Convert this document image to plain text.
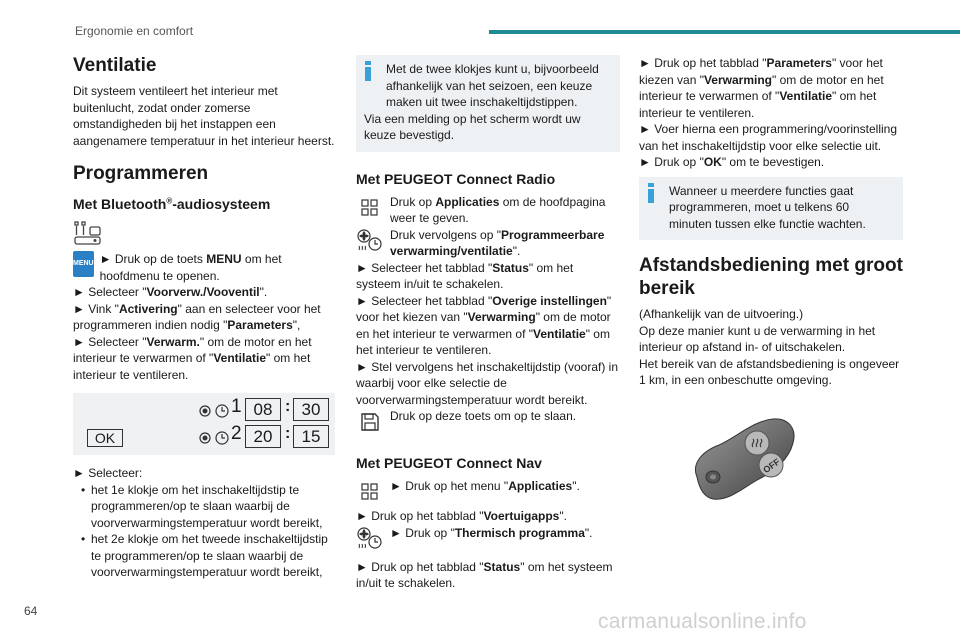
Ergonomie en comfort
Ventilatie

Dit systeem ventileert het interieur met buitenlucht, zodat onder zomerse omstandigheden bij het instappen een aangenamere temperatuur in het interieur heerst.

Programmeren
Met Bluetooth®-audiosysteem
MENU ► Druk op de toets MENU om het hoofdmenu te openen.

► Selecteer "Voorverw./Vooventil".

► Vink "Activering" aan en selecteer voor het programmeren indien nodig "Parameters",

► Selecteer "Verwarm." om de motor en het interieur te verwarmen of "Ventilatie" om het interieur te ventileren.

1 08 : 30
2 20 : 15
OK

► Selecteer:

• het 1e klokje om het inschakeltijdstip te programmeren/op te slaan waarbij de voorverwarmingstemperatuur wordt bereikt,
• het 2e klokje om het tweede inschakeltijdstip te programmeren/op te slaan waarbij de voorverwarmingstemperatuur wordt bereikt,

Met de twee klokjes kunt u, bijvoorbeeld afhankelijk van het seizoen, een keuze maken uit twee inschakeltijdstippen.

Via een melding op het scherm wordt uw keuze bevestigd.

Met PEUGEOT Connect Radio

Druk op Applicaties om de hoofdpagina weer te geven.

Druk vervolgens op "Programmeerbare verwarming/ventilatie".

► Selecteer het tabblad "Status" om het systeem in/uit te schakelen.

► Selecteer het tabblad "Overige instellingen" voor het kiezen van "Verwarming" om de motor en het interieur te verwarmen of "Ventilatie" om het interieur te ventileren.

► Stel vervolgens het inschakeltijdstip (vooraf) in waarbij voor elke selectie de voorverwarmingstemperatuur wordt bereikt.

Druk op deze toets om op te slaan.

Met PEUGEOT Connect Nav

► Druk op het menu "Applicaties".

► Druk op het tabblad "Voertuigapps".

► Druk op "Thermisch programma".

► Druk op het tabblad "Status" om het systeem in/uit te schakelen.

► Druk op het tabblad "Parameters" voor het kiezen van "Verwarming" om de motor en het interieur te verwarmen of "Ventilatie" om het interieur te ventileren.

► Voer hierna een programmering/voorinstelling van het inschakeltijdstip voor elke selectie uit.

► Druk op "OK" om te bevestigen.

Wanneer u meerdere functies gaat programmeren, moet u telkens 60 minuten tussen elke functie wachten.

Afstandsbediening met groot bereik

(Afhankelijk van de uitvoering.)

Op deze manier kunt u de verwarming in het interieur op afstand in- of uitschakelen.

Het bereik van de afstandsbediening is ongeveer 1 km, in een onbeschutte omgeving.

OFF
64	carmanualsonline.info
